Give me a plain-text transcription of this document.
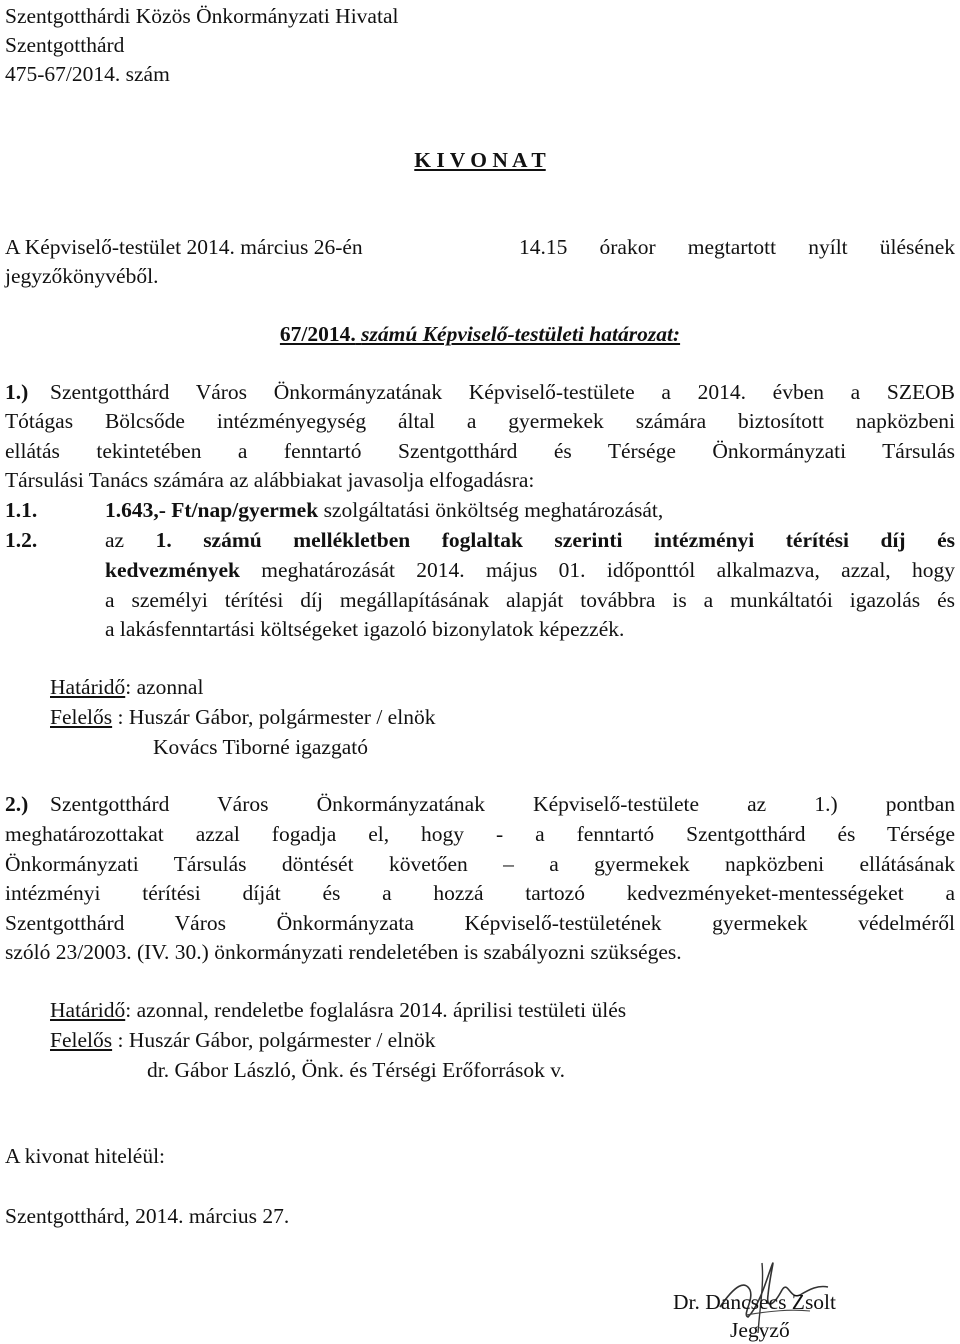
Szentgotthárdi Közös Önkormányzati Hivatal
Szentgotthárd
475-67/2014. szám
K I V O N A T
A Képviselő-testület 2014. március 26-én	14.15 órakor megtartott nyílt ülésének
jegyzőkönyvéből.
67/2014. számú Képviselő-testületi határozat:
1.) Szentgotthárd Város Önkormányzatának Képviselő-testülete a 2014. évben a SZEOB
Tótágas Bölcsőde intézményegység által a gyermekek számára biztosított napközbeni
ellátás tekintetében a fenntartó Szentgotthárd és Térsége Önkormányzati Társulás
Társulási Tanács számára az alábbiakat javasolja elfogadásra:
1.1.	1.643,- Ft/nap/gyermek szolgáltatási önköltség meghatározását,
1.2.	az 1. számú mellékletben foglaltak szerinti intézményi térítési díj és
kedvezmények meghatározását 2014. május 01. időponttól alkalmazva, azzal, hogy
a személyi térítési díj megállapításának alapját továbbra is a munkáltatói igazolás és
a lakásfenntartási költségeket igazoló bizonylatok képezzék.
Határidő: azonnal
Felelős : Huszár Gábor, polgármester / elnök
Kovács Tiborné igazgató
2.) Szentgotthárd Város Önkormányzatának Képviselő-testülete az 1.) pontban
meghatározottakat azzal fogadja el, hogy - a fenntartó Szentgotthárd és Térsége
Önkormányzati Társulás döntését követően – a gyermekek napközbeni ellátásának
intézményi térítési díját és a hozzá tartozó kedvezményeket-mentességeket a
Szentgotthárd Város Önkormányzata Képviselő-testületének gyermekek védelméről
szóló 23/2003. (IV. 30.) önkormányzati rendeletében is szabályozni szükséges.
Határidő: azonnal, rendeletbe foglalásra 2014. áprilisi testületi ülés
Felelős : Huszár Gábor, polgármester / elnök
dr. Gábor László, Önk. és Térségi Erőforrások v.
A kivonat hiteléül:
Szentgotthárd, 2014. március 27.
Dr. Dancsecs Zsolt
Jegyző
